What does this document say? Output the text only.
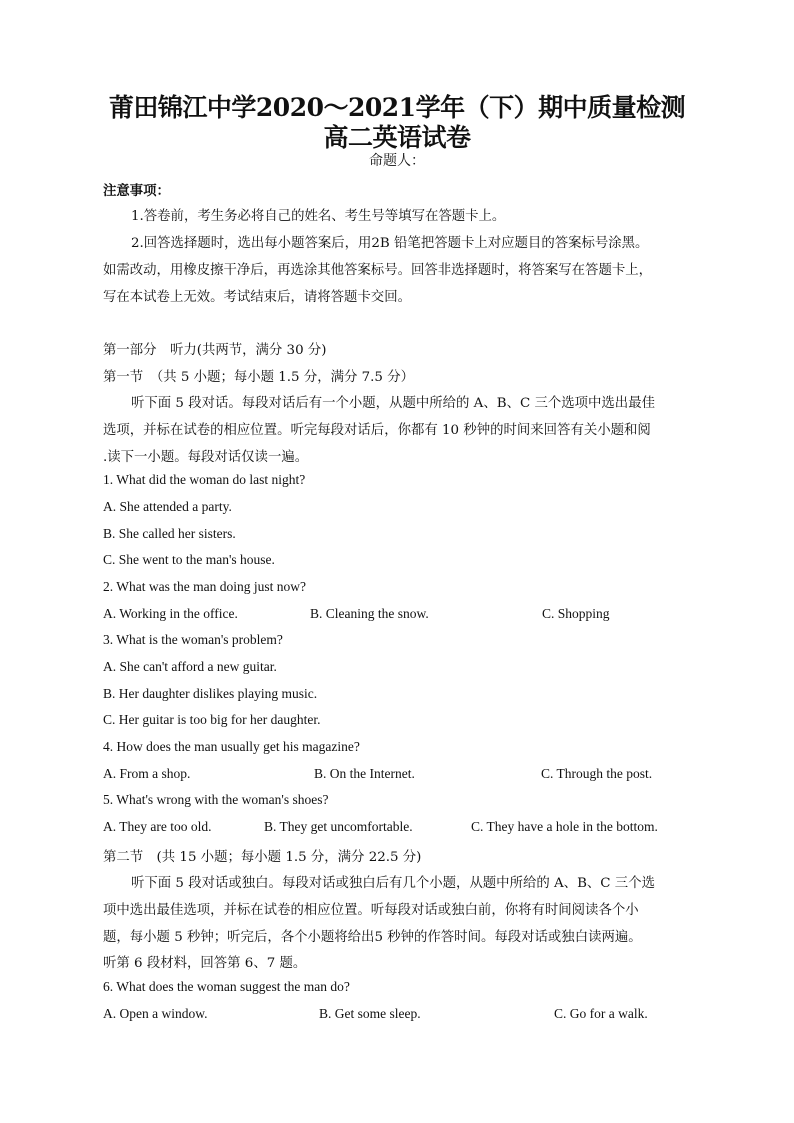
莆田锦江中学2020～2021学年（下）期中质量检测
高二英语试卷
命题人：
注意事项：
1.答卷前，考生务必将自己的姓名、考生号等填写在答题卡上。
2.回答选择题时，选出每小题答案后，用2B 铅笔把答题卡上对应题目的答案标号涂黑。
如需改动，用橡皮擦干净后，再选涂其他答案标号。回答非选择题时，将答案写在答题卡上，
写在本试卷上无效。考试结束后，请将答题卡交回。
第一部分　听力(共两节，满分 30 分)
第一节　（共 5 小题；每小题 1.5 分，满分 7.5 分）
听下面 5 段对话。每段对话后有一个小题，从题中所给的 A、B、C 三个选项中选出最佳
选项，并标在试卷的相应位置。听完每段对话后，你都有 10 秒钟的时间来回答有关小题和阅
.读下一小题。每段对话仅读一遍。
1. What did the woman do last night?
A. She attended a party.
B. She called her sisters.
C. She went to the man's house.
2. What was the man doing just now?
A. Working in the office.	B. Cleaning the snow.	C. Shopping
3. What is the woman's problem?
A. She can't afford a new guitar.
B. Her daughter dislikes playing music.
C. Her guitar is too big for her daughter.
4. How does the man usually get his magazine?
A. From a shop.	B. On the Internet.	C. Through the post.
5. What's wrong with the woman's shoes?
A. They are too old.	B. They get uncomfortable.	C. They have a hole in the bottom.
第二节　(共 15 小题；每小题 1.5 分，满分 22.5 分)
听下面 5 段对话或独白。每段对话或独白后有几个小题，从题中所给的 A、B、C 三个选
项中选出最佳选项，并标在试卷的相应位置。听每段对话或独白前，你将有时间阅读各个小
题，每小题 5 秒钟；听完后，各个小题将给出5 秒钟的作答时间。每段对话或独白读两遍。
听第 6 段材料，回答第 6、7 题。
6. What does the woman suggest the man do?
A. Open a window.	B. Get some sleep.	C. Go for a walk.
